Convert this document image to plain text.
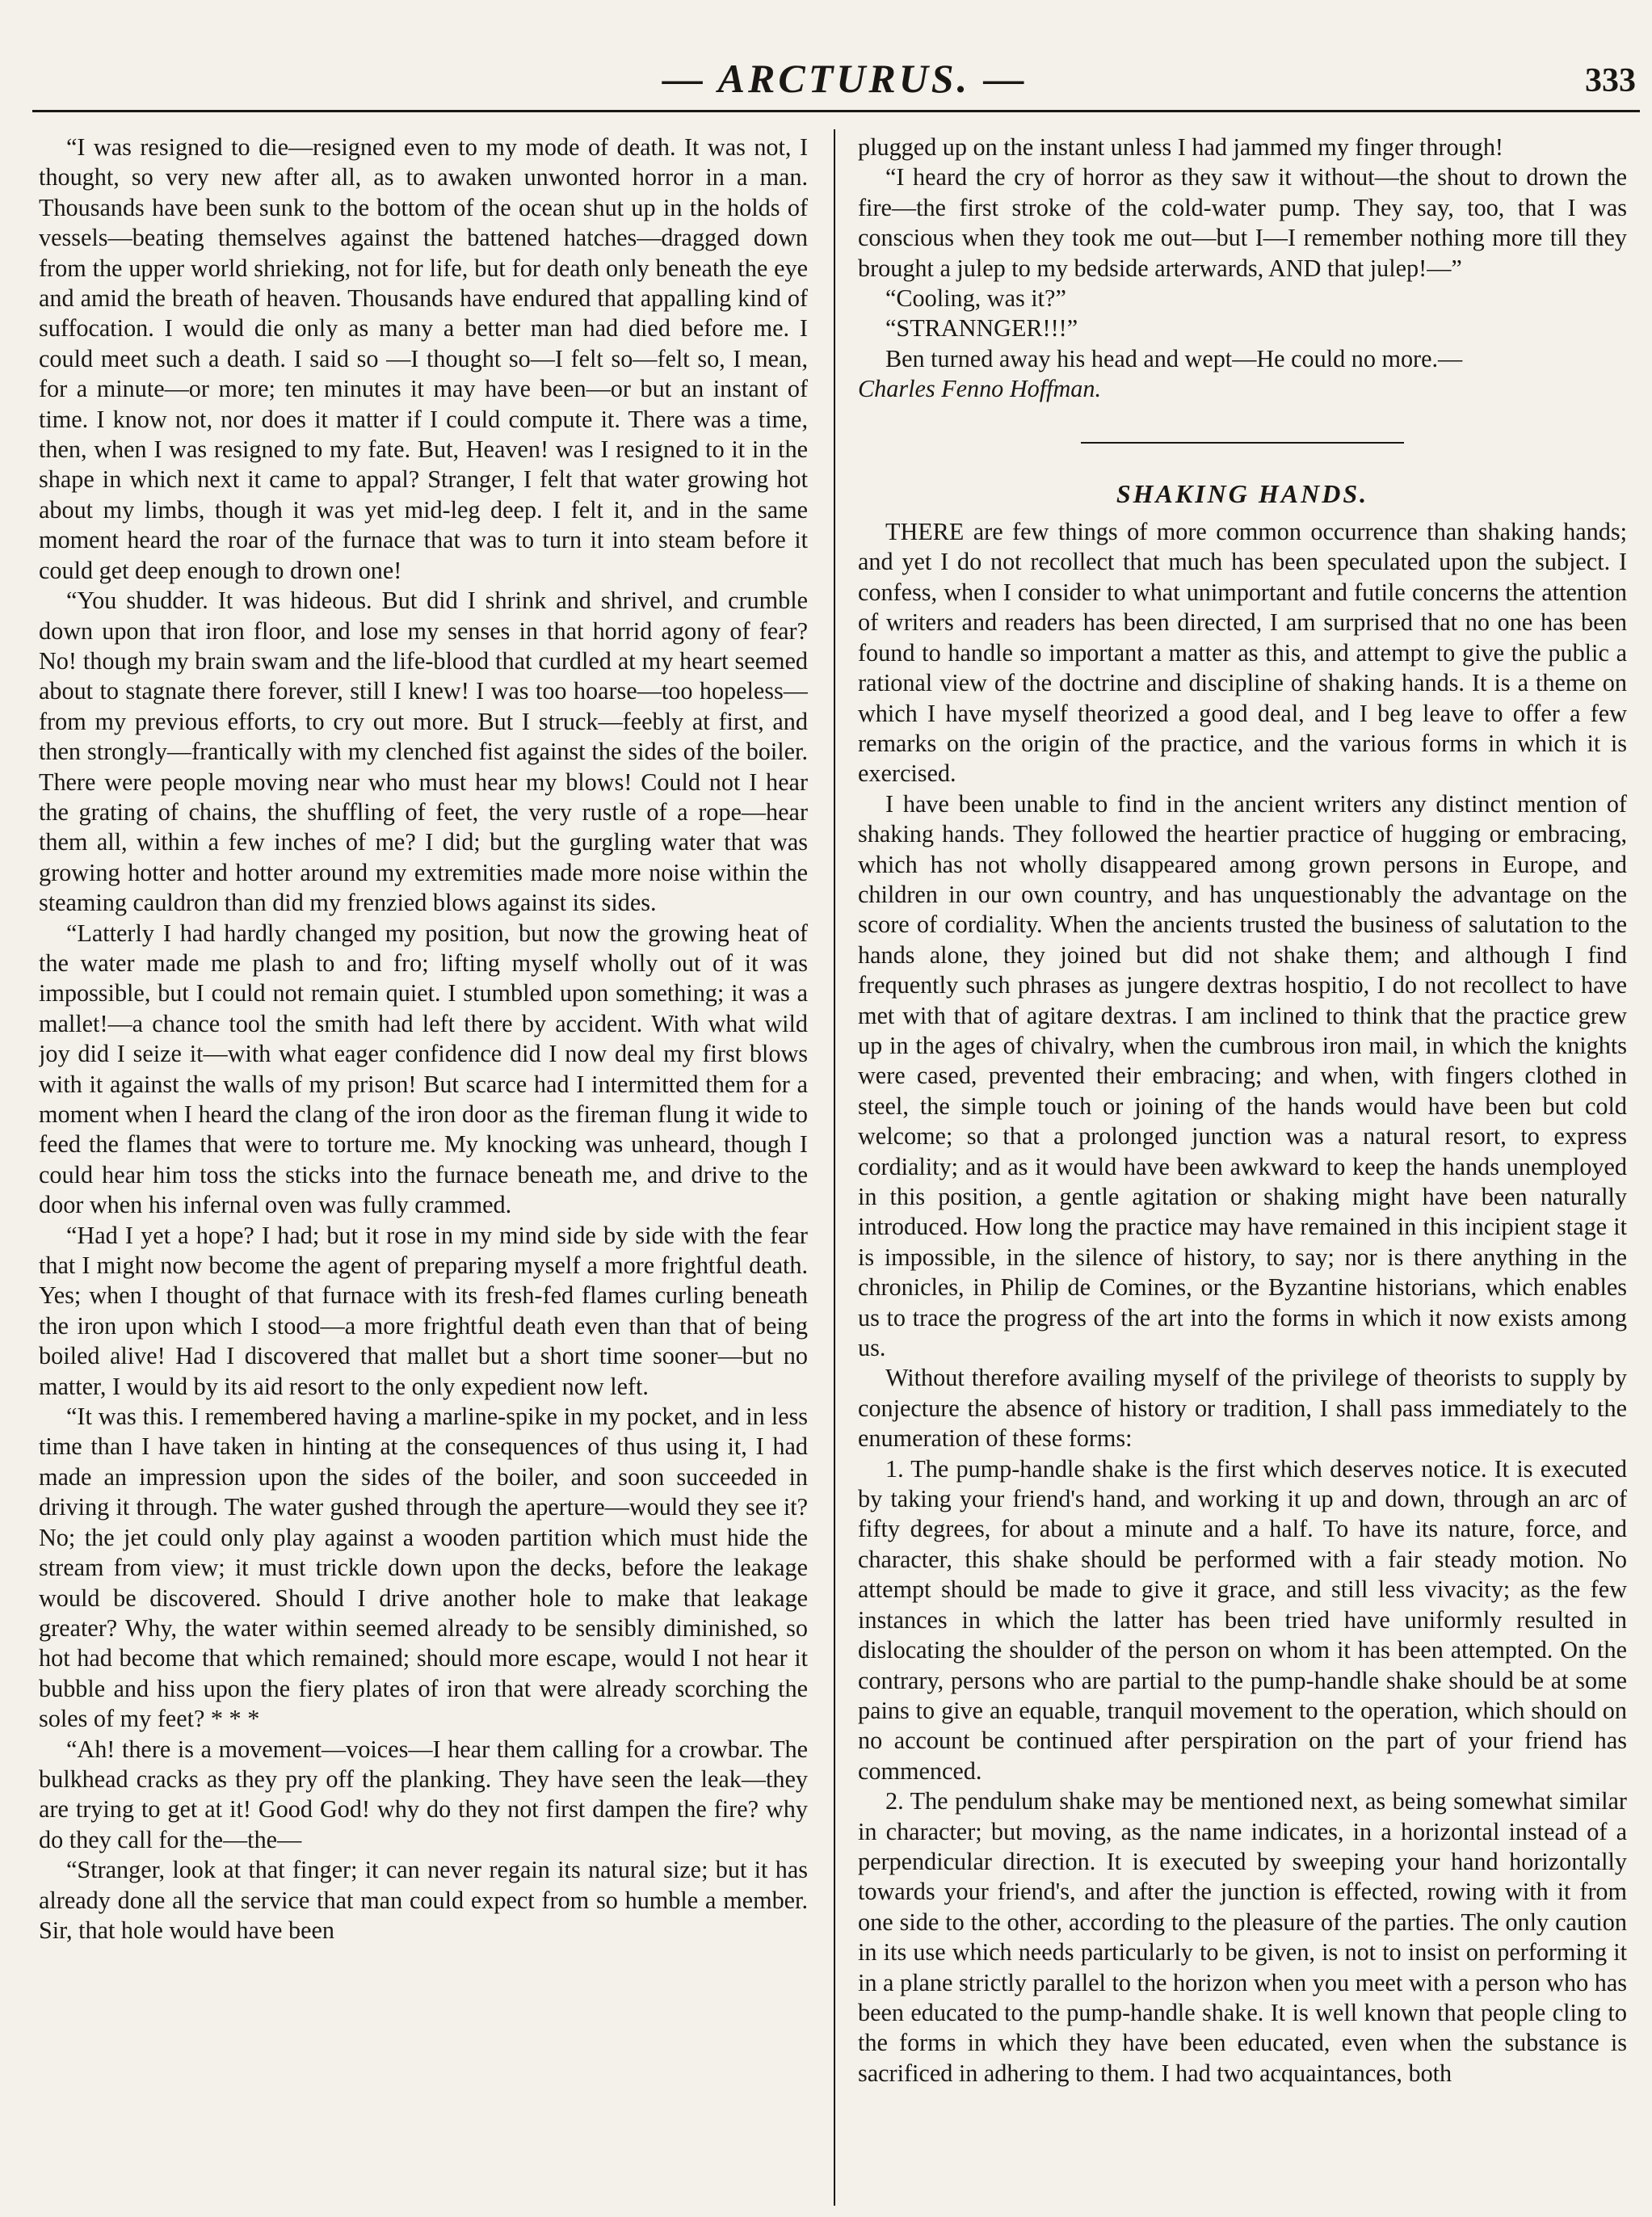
— ARCTURUS. —	333

“I was resigned to die—resigned even to my mode of death. It was not, I thought, so very new after all, as to awaken unwonted horror in a man. Thousands have been sunk to the bottom of the ocean shut up in the holds of vessels—beating themselves against the battened hatches—dragged down from the upper world shrieking, not for life, but for death only beneath the eye and amid the breath of heaven. Thousands have endured that appalling kind of suffocation. I would die only as many a better man had died before me. I could meet such a death. I said so —I thought so—I felt so—felt so, I mean, for a minute—or more; ten minutes it may have been—or but an instant of time. I know not, nor does it matter if I could compute it. There was a time, then, when I was resigned to my fate. But, Heaven! was I resigned to it in the shape in which next it came to appal? Stranger, I felt that water growing hot about my limbs, though it was yet mid-leg deep. I felt it, and in the same moment heard the roar of the furnace that was to turn it into steam before it could get deep enough to drown one!

“You shudder. It was hideous. But did I shrink and shrivel, and crumble down upon that iron floor, and lose my senses in that horrid agony of fear? No! though my brain swam and the life-blood that curdled at my heart seemed about to stagnate there forever, still I knew! I was too hoarse—too hopeless—from my previous efforts, to cry out more. But I struck—feebly at first, and then strongly—frantically with my clenched fist against the sides of the boiler. There were people moving near who must hear my blows! Could not I hear the grating of chains, the shuffling of feet, the very rustle of a rope—hear them all, within a few inches of me? I did; but the gurgling water that was growing hotter and hotter around my extremities made more noise within the steaming cauldron than did my frenzied blows against its sides.

“Latterly I had hardly changed my position, but now the growing heat of the water made me plash to and fro; lifting myself wholly out of it was impossible, but I could not remain quiet. I stumbled upon something; it was a mallet!—a chance tool the smith had left there by accident. With what wild joy did I seize it—with what eager confidence did I now deal my first blows with it against the walls of my prison! But scarce had I intermitted them for a moment when I heard the clang of the iron door as the fireman flung it wide to feed the flames that were to torture me. My knocking was unheard, though I could hear him toss the sticks into the furnace beneath me, and drive to the door when his infernal oven was fully crammed.

“Had I yet a hope? I had; but it rose in my mind side by side with the fear that I might now become the agent of preparing myself a more frightful death. Yes; when I thought of that furnace with its fresh-fed flames curling beneath the iron upon which I stood—a more frightful death even than that of being boiled alive! Had I discovered that mallet but a short time sooner—but no matter, I would by its aid resort to the only expedient now left.

“It was this. I remembered having a marline-spike in my pocket, and in less time than I have taken in hinting at the consequences of thus using it, I had made an impression upon the sides of the boiler, and soon succeeded in driving it through. The water gushed through the aperture—would they see it? No; the jet could only play against a wooden partition which must hide the stream from view; it must trickle down upon the decks, before the leakage would be discovered. Should I drive another hole to make that leakage greater? Why, the water within seemed already to be sensibly diminished, so hot had become that which remained; should more escape, would I not hear it bubble and hiss upon the fiery plates of iron that were already scorching the soles of my feet? * * *

“Ah! there is a movement—voices—I hear them calling for a crowbar. The bulkhead cracks as they pry off the planking. They have seen the leak—they are trying to get at it! Good God! why do they not first dampen the fire? why do they call for the—the—

“Stranger, look at that finger; it can never regain its natural size; but it has already done all the service that man could expect from so humble a member. Sir, that hole would have been

plugged up on the instant unless I had jammed my finger through!

“I heard the cry of horror as they saw it without—the shout to drown the fire—the first stroke of the cold-water pump. They say, too, that I was conscious when they took me out—but I—I remember nothing more till they brought a julep to my bedside arterwards, AND that julep!—”

“Cooling, was it?”

“STRANNGER!!!”

Ben turned away his head and wept—He could no more.—

Charles Fenno Hoffman.

SHAKING HANDS.

THERE are few things of more common occurrence than shaking hands; and yet I do not recollect that much has been speculated upon the subject. I confess, when I consider to what unimportant and futile concerns the attention of writers and readers has been directed, I am surprised that no one has been found to handle so important a matter as this, and attempt to give the public a rational view of the doctrine and discipline of shaking hands. It is a theme on which I have myself theorized a good deal, and I beg leave to offer a few remarks on the origin of the practice, and the various forms in which it is exercised.

I have been unable to find in the ancient writers any distinct mention of shaking hands. They followed the heartier practice of hugging or embracing, which has not wholly disappeared among grown persons in Europe, and children in our own country, and has unquestionably the advantage on the score of cordiality. When the ancients trusted the business of salutation to the hands alone, they joined but did not shake them; and although I find frequently such phrases as jungere dextras hospitio, I do not recollect to have met with that of agitare dextras. I am inclined to think that the practice grew up in the ages of chivalry, when the cumbrous iron mail, in which the knights were cased, prevented their embracing; and when, with fingers clothed in steel, the simple touch or joining of the hands would have been but cold welcome; so that a prolonged junction was a natural resort, to express cordiality; and as it would have been awkward to keep the hands unemployed in this position, a gentle agitation or shaking might have been naturally introduced. How long the practice may have remained in this incipient stage it is impossible, in the silence of history, to say; nor is there anything in the chronicles, in Philip de Comines, or the Byzantine historians, which enables us to trace the progress of the art into the forms in which it now exists among us.

Without therefore availing myself of the privilege of theorists to supply by conjecture the absence of history or tradition, I shall pass immediately to the enumeration of these forms:

1. The pump-handle shake is the first which deserves notice. It is executed by taking your friend's hand, and working it up and down, through an arc of fifty degrees, for about a minute and a half. To have its nature, force, and character, this shake should be performed with a fair steady motion. No attempt should be made to give it grace, and still less vivacity; as the few instances in which the latter has been tried have uniformly resulted in dislocating the shoulder of the person on whom it has been attempted. On the contrary, persons who are partial to the pump-handle shake should be at some pains to give an equable, tranquil movement to the operation, which should on no account be continued after perspiration on the part of your friend has commenced.

2. The pendulum shake may be mentioned next, as being somewhat similar in character; but moving, as the name indicates, in a horizontal instead of a perpendicular direction. It is executed by sweeping your hand horizontally towards your friend's, and after the junction is effected, rowing with it from one side to the other, according to the pleasure of the parties. The only caution in its use which needs particularly to be given, is not to insist on performing it in a plane strictly parallel to the horizon when you meet with a person who has been educated to the pump-handle shake. It is well known that people cling to the forms in which they have been educated, even when the substance is sacrificed in adhering to them. I had two acquaintances, both
